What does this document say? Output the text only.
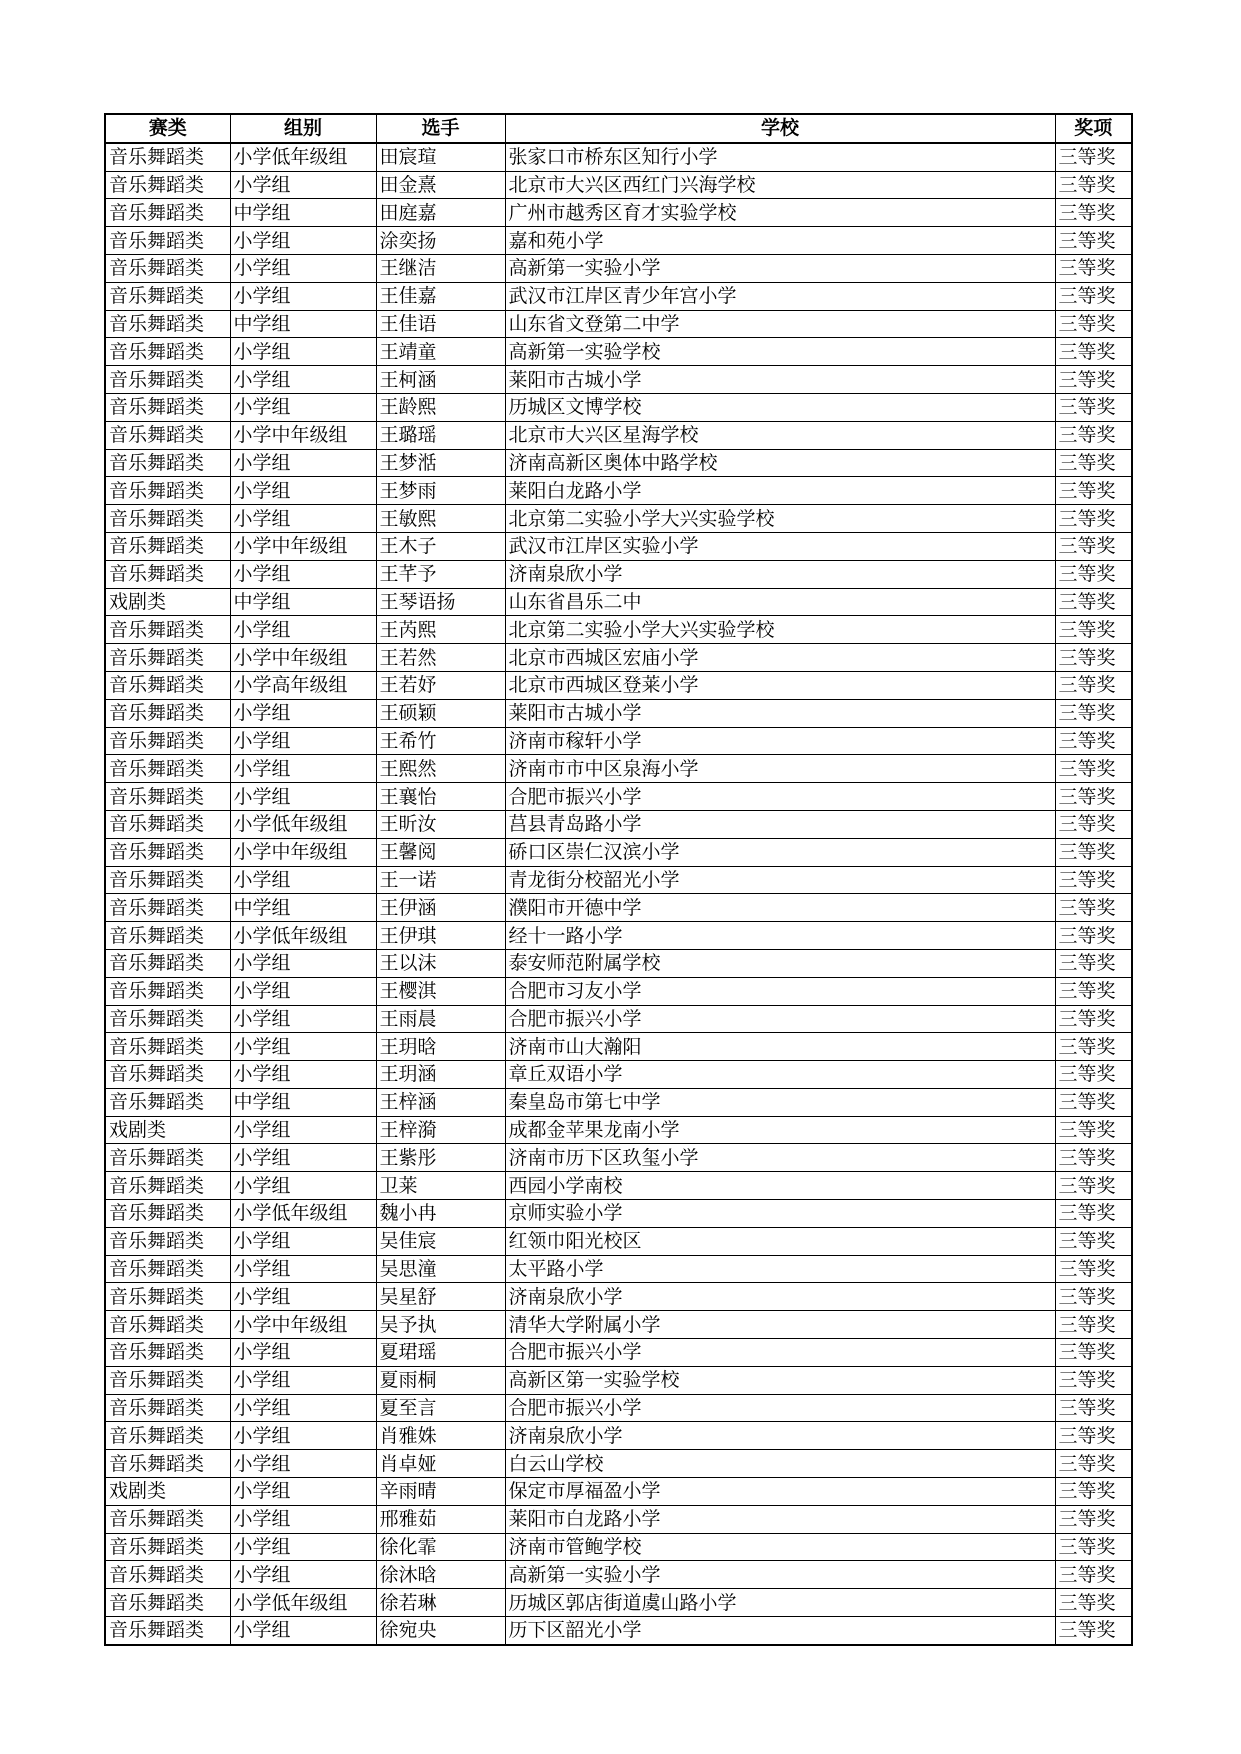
赛类	组别	选手	学校	奖项
音乐舞蹈类	小学低年级组	田宸瑄	张家口市桥东区知行小学	三等奖
音乐舞蹈类	小学组	田金熹	北京市大兴区西红门兴海学校	三等奖
音乐舞蹈类	中学组	田庭嘉	广州市越秀区育才实验学校	三等奖
音乐舞蹈类	小学组	涂奕扬	嘉和苑小学	三等奖
音乐舞蹈类	小学组	王继洁	高新第一实验小学	三等奖
音乐舞蹈类	小学组	王佳嘉	武汉市江岸区青少年宫小学	三等奖
音乐舞蹈类	中学组	王佳语	山东省文登第二中学	三等奖
音乐舞蹈类	小学组	王靖童	高新第一实验学校	三等奖
音乐舞蹈类	小学组	王柯涵	莱阳市古城小学	三等奖
音乐舞蹈类	小学组	王龄熙	历城区文博学校	三等奖
音乐舞蹈类	小学中年级组	王璐瑶	北京市大兴区星海学校	三等奖
音乐舞蹈类	小学组	王梦湉	济南高新区奥体中路学校	三等奖
音乐舞蹈类	小学组	王梦雨	莱阳白龙路小学	三等奖
音乐舞蹈类	小学组	王敏熙	北京第二实验小学大兴实验学校	三等奖
音乐舞蹈类	小学中年级组	王木子	武汉市江岸区实验小学	三等奖
音乐舞蹈类	小学组	王芊予	济南泉欣小学	三等奖
戏剧类	中学组	王琴语扬	山东省昌乐二中	三等奖
音乐舞蹈类	小学组	王芮熙	北京第二实验小学大兴实验学校	三等奖
音乐舞蹈类	小学中年级组	王若然	北京市西城区宏庙小学	三等奖
音乐舞蹈类	小学高年级组	王若妤	北京市西城区登莱小学	三等奖
音乐舞蹈类	小学组	王硕颖	莱阳市古城小学	三等奖
音乐舞蹈类	小学组	王希竹	济南市稼轩小学	三等奖
音乐舞蹈类	小学组	王熙然	济南市市中区泉海小学	三等奖
音乐舞蹈类	小学组	王襄怡	合肥市振兴小学	三等奖
音乐舞蹈类	小学低年级组	王昕汝	莒县青岛路小学	三等奖
音乐舞蹈类	小学中年级组	王馨阅	硚口区崇仁汉滨小学	三等奖
音乐舞蹈类	小学组	王一诺	青龙街分校韶光小学	三等奖
音乐舞蹈类	中学组	王伊涵	濮阳市开德中学	三等奖
音乐舞蹈类	小学低年级组	王伊琪	经十一路小学	三等奖
音乐舞蹈类	小学组	王以沫	泰安师范附属学校	三等奖
音乐舞蹈类	小学组	王樱淇	合肥市习友小学	三等奖
音乐舞蹈类	小学组	王雨晨	合肥市振兴小学	三等奖
音乐舞蹈类	小学组	王玥晗	济南市山大瀚阳	三等奖
音乐舞蹈类	小学组	王玥涵	章丘双语小学	三等奖
音乐舞蹈类	中学组	王梓涵	秦皇岛市第七中学	三等奖
戏剧类	小学组	王梓漪	成都金苹果龙南小学	三等奖
音乐舞蹈类	小学组	王紫彤	济南市历下区玖玺小学	三等奖
音乐舞蹈类	小学组	卫莱	西园小学南校	三等奖
音乐舞蹈类	小学低年级组	魏小冉	京师实验小学	三等奖
音乐舞蹈类	小学组	吴佳宸	红领巾阳光校区	三等奖
音乐舞蹈类	小学组	吴思潼	太平路小学	三等奖
音乐舞蹈类	小学组	吴星舒	济南泉欣小学	三等奖
音乐舞蹈类	小学中年级组	吴予执	清华大学附属小学	三等奖
音乐舞蹈类	小学组	夏珺瑶	合肥市振兴小学	三等奖
音乐舞蹈类	小学组	夏雨桐	高新区第一实验学校	三等奖
音乐舞蹈类	小学组	夏至言	合肥市振兴小学	三等奖
音乐舞蹈类	小学组	肖雅姝	济南泉欣小学	三等奖
音乐舞蹈类	小学组	肖卓娅	白云山学校	三等奖
戏剧类	小学组	辛雨晴	保定市厚福盈小学	三等奖
音乐舞蹈类	小学组	邢雅茹	莱阳市白龙路小学	三等奖
音乐舞蹈类	小学组	徐化霏	济南市管鲍学校	三等奖
音乐舞蹈类	小学组	徐沐晗	高新第一实验小学	三等奖
音乐舞蹈类	小学低年级组	徐若琳	历城区郭店街道虞山路小学	三等奖
音乐舞蹈类	小学组	徐宛央	历下区韶光小学	三等奖
